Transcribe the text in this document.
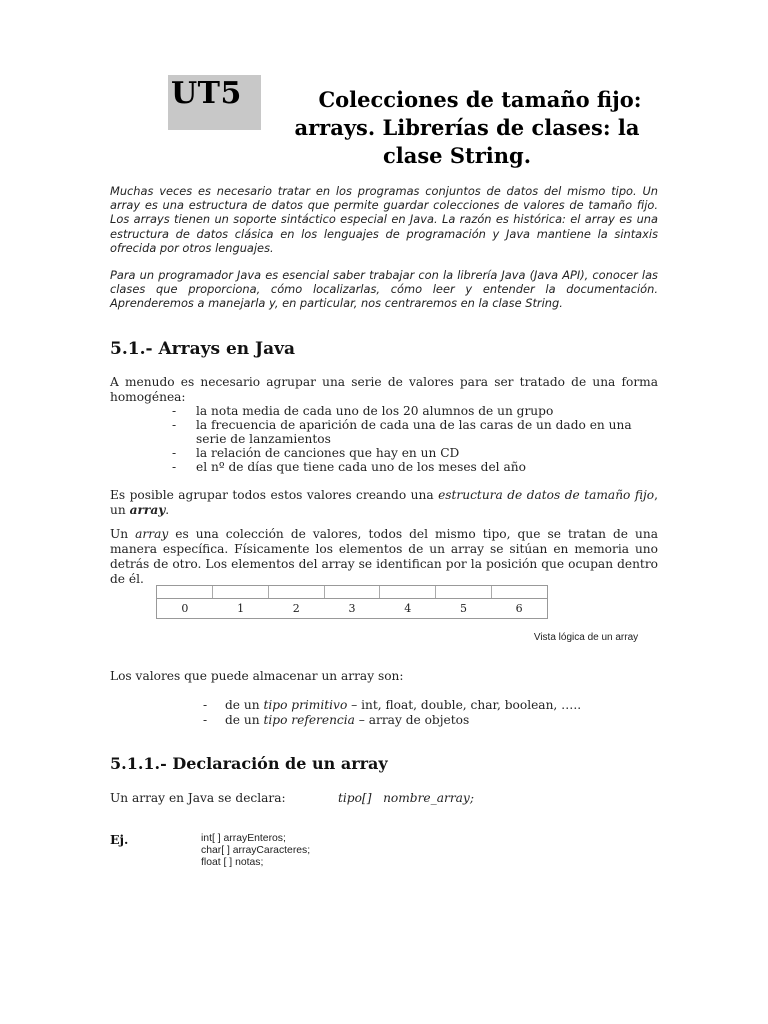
UT5	Colecciones de tamaño fijo:
arrays. Librerías de clases: la
clase String.
Muchas veces es necesario tratar en los programas conjuntos de datos del mismo tipo. Un array es una estructura de datos que permite guardar colecciones de valores de tamaño fijo. Los arrays tienen un soporte sintáctico especial en Java. La razón es histórica: el array es una estructura de datos clásica en los lenguajes de programación y Java mantiene la sintaxis ofrecida por otros lenguajes.
Para un programador Java es esencial saber trabajar con la librería Java (Java API), conocer las clases que proporciona, cómo localizarlas, cómo leer y entender la documentación. Aprenderemos a manejarla y, en particular, nos centraremos en la clase String.
5.1.- Arrays en Java
A menudo es necesario agrupar una serie de valores para ser tratado de una forma homogénea:
- la nota media de cada uno de los 20 alumnos de un grupo
- la frecuencia de aparición de cada una de las caras de un dado en una serie de lanzamientos
- la relación de canciones que hay en un CD
- el nº de días que tiene cada uno de los meses del año
Es posible agrupar todos estos valores creando una estructura de datos de tamaño fijo, un array.
Un array es una colección de valores, todos del mismo tipo, que se tratan de una manera específica. Físicamente los elementos de un array se sitúan en memoria uno detrás de otro. Los elementos del array se identifican por la posición que ocupan dentro de él.
0	1	2	3	4	5	6
Vista lógica de un array
Los valores que puede almacenar un array son:
- de un tipo primitivo – int, float, double, char, boolean, …..
- de un tipo referencia – array de objetos
5.1.1.- Declaración de un array
Un array en Java se declara:	tipo[]   nombre_array;
Ej.	int[ ] arrayEnteros;
char[ ] arrayCaracteres;
float [ ] notas;
